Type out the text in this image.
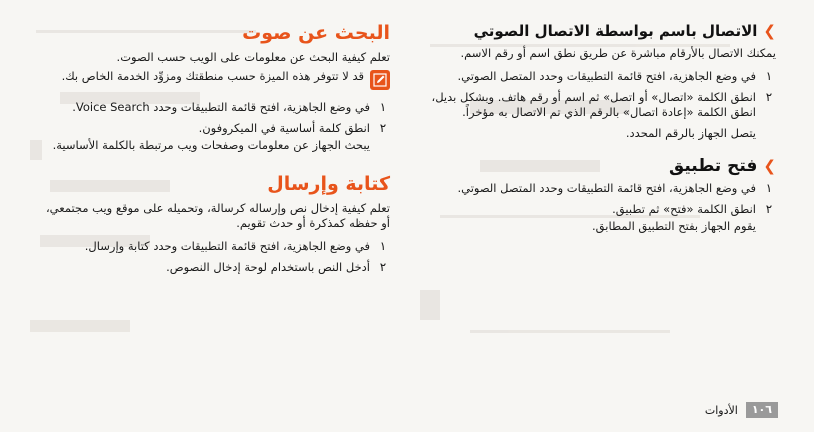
❯
الاتصال باسم بواسطة الاتصال الصوتي

يمكنك الاتصال بالأرقام مباشرة عن طريق نطق اسم أو رقم الاسم.

١

في وضع الجاهزية، افتح قائمة التطبيقات وحدد المتصل الصوتي.

٢

انطق الكلمة «اتصال» أو اتصل» ثم اسم أو رقم هاتف. وبشكل بديل، انطق الكلمة «إعادة اتصال» بالرقم الذي تم الاتصال به مؤخراً.

يتصل الجهاز بالرقم المحدد.

❯
فتح تطبيق
١

في وضع الجاهزية، افتح قائمة التطبيقات وحدد المتصل الصوتي.

٢

انطق الكلمة «فتح» ثم تطبيق.

يقوم الجهاز بفتح التطبيق المطابق.

البحث عن صوت

تعلم كيفية البحث عن معلومات على الويب حسب الصوت.

قد لا تتوفر هذه الميزة حسب منطقتك ومزوِّد الخدمة الخاص بك.

١

في وضع الجاهزية، افتح قائمة التطبيقات وحدد Voice Search.

٢

انطق كلمة أساسية في الميكروفون.

يبحث الجهاز عن معلومات وصفحات ويب مرتبطة بالكلمة الأساسية.

كتابة وإرسال

تعلم كيفية إدخال نص وإرساله كرسالة، وتحميله على موقع ويب مجتمعي، أو حفظه كمذكرة أو حدث تقويم.

١

في وضع الجاهزية، افتح قائمة التطبيقات وحدد كتابة وإرسال.

٢

أدخل النص باستخدام لوحة إدخال النصوص.

١٠٦
الأدوات
